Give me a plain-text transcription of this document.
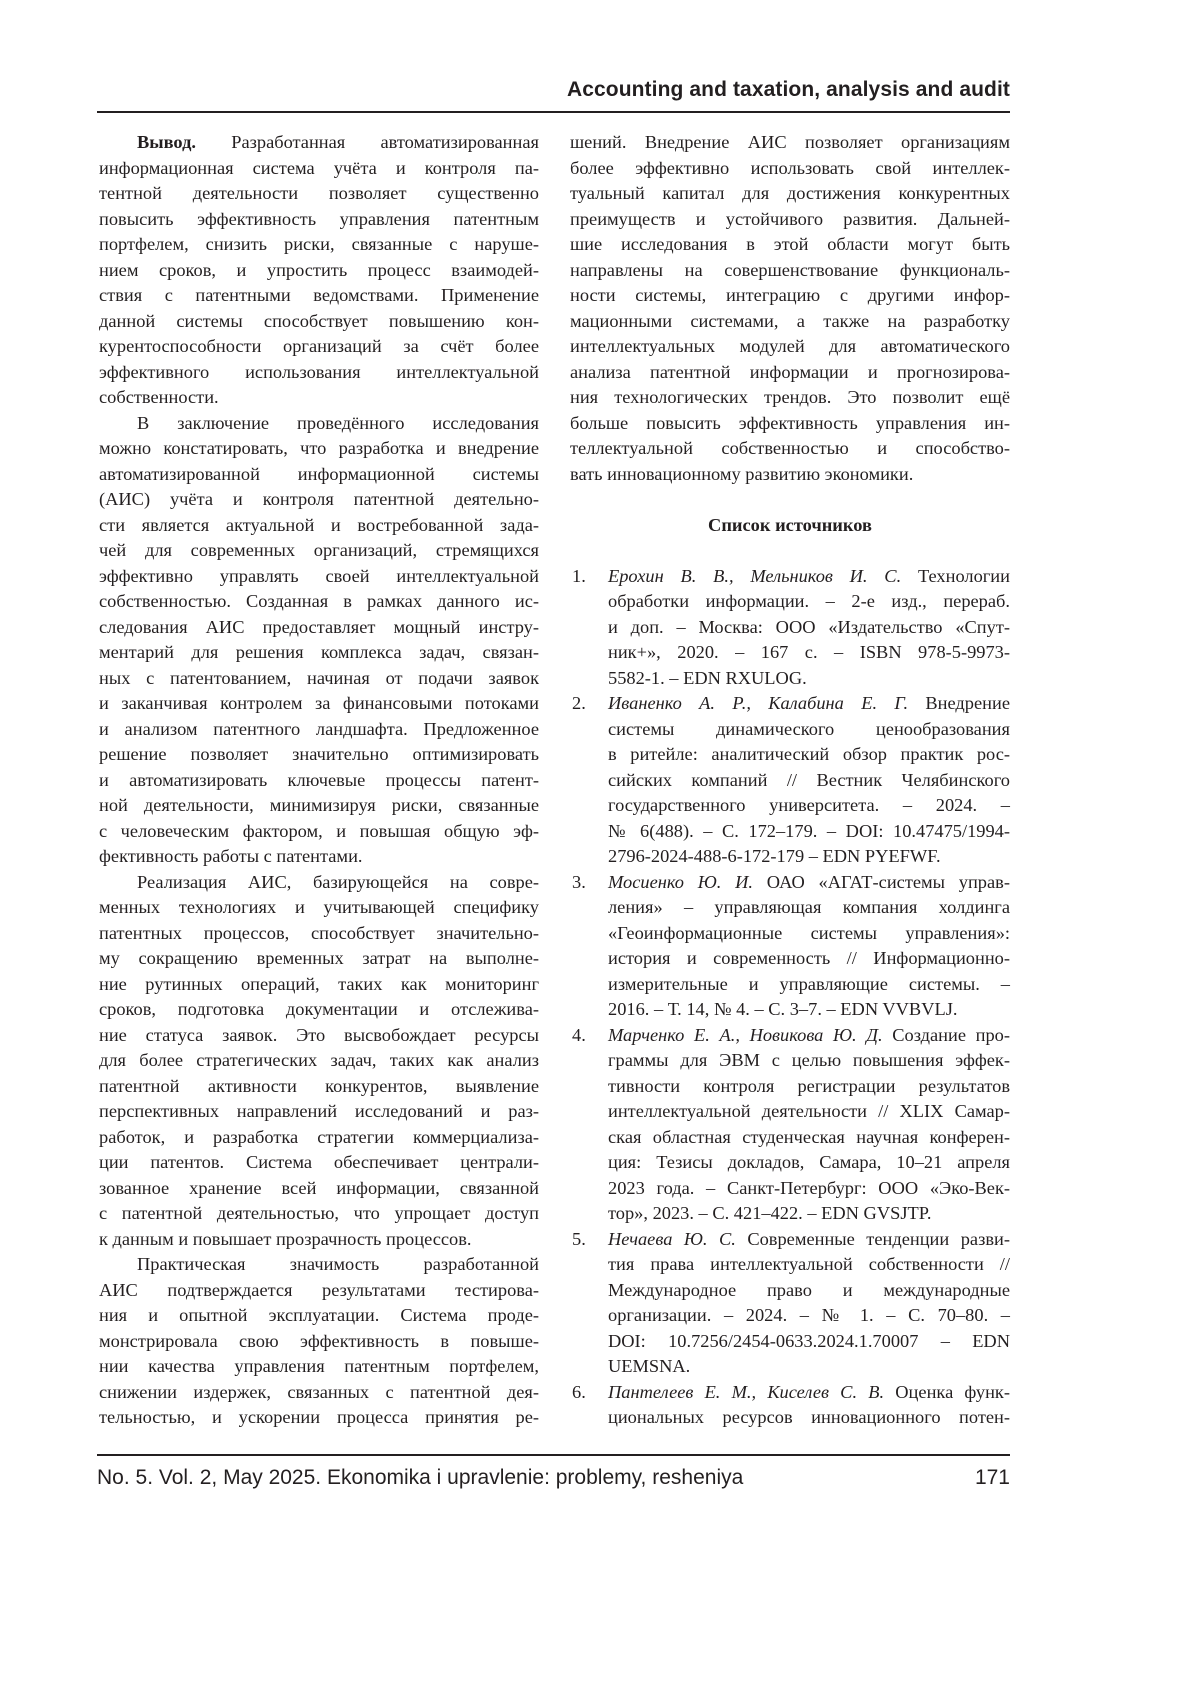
Accounting and taxation, analysis and audit
Вывод. Разработанная автоматизированная
информационная система учёта и контроля па-
тентной деятельности позволяет существенно
повысить эффективность управления патентным
портфелем, снизить риски, связанные с наруше-
нием сроков, и упростить процесс взаимодей-
ствия с патентными ведомствами. Применение
данной системы способствует повышению кон-
курентоспособности организаций за счёт более
эффективного использования интеллектуальной
собственности.
В заключение проведённого исследования
можно констатировать, что разработка и внедрение
автоматизированной информационной системы
(АИС) учёта и контроля патентной деятельно-
сти является актуальной и востребованной зада-
чей для современных организаций, стремящихся
эффективно управлять своей интеллектуальной
собственностью. Созданная в рамках данного ис-
следования АИС предоставляет мощный инстру-
ментарий для решения комплекса задач, связан-
ных с патентованием, начиная от подачи заявок
и заканчивая контролем за финансовыми потоками
и анализом патентного ландшафта. Предложенное
решение позволяет значительно оптимизировать
и автоматизировать ключевые процессы патент-
ной деятельности, минимизируя риски, связанные
с человеческим фактором, и повышая общую эф-
фективность работы с патентами.
Реализация АИС, базирующейся на совре-
менных технологиях и учитывающей специфику
патентных процессов, способствует значительно-
му сокращению временных затрат на выполне-
ние рутинных операций, таких как мониторинг
сроков, подготовка документации и отслежива-
ние статуса заявок. Это высвобождает ресурсы
для более стратегических задач, таких как анализ
патентной активности конкурентов, выявление
перспективных направлений исследований и раз-
работок, и разработка стратегии коммерциализа-
ции патентов. Система обеспечивает централи-
зованное хранение всей информации, связанной
с патентной деятельностью, что упрощает доступ
к данным и повышает прозрачность процессов.
Практическая значимость разработанной
АИС подтверждается результатами тестирова-
ния и опытной эксплуатации. Система проде-
монстрировала свою эффективность в повыше-
нии качества управления патентным портфелем,
снижении издержек, связанных с патентной дея-
тельностью, и ускорении процесса принятия ре-
шений. Внедрение АИС позволяет организациям
более эффективно использовать свой интеллек-
туальный капитал для достижения конкурентных
преимуществ и устойчивого развития. Дальней-
шие исследования в этой области могут быть
направлены на совершенствование функциональ-
ности системы, интеграцию с другими инфор-
мационными системами, а также на разработку
интеллектуальных модулей для автоматического
анализа патентной информации и прогнозирова-
ния технологических трендов. Это позволит ещё
больше повысить эффективность управления ин-
теллектуальной собственностью и способство-
вать инновационному развитию экономики.
Список источников
1. Ерохин В. В., Мельников И. С. Технологии
обработки информации. – 2-е изд., перераб.
и доп. – Москва: ООО «Издательство «Спут-
ник+», 2020. – 167 с. – ISBN 978-5-9973-
5582-1. – EDN RXULOG.
2. Иваненко А. Р., Калабина Е. Г. Внедрение
системы динамического ценообразования
в ритейле: аналитический обзор практик рос-
сийских компаний // Вестник Челябинского
государственного университета. – 2024. –
№ 6(488). – С. 172–179. – DOI: 10.47475/1994-
2796-2024-488-6-172-179 – EDN PYEFWF.
3. Мосиенко Ю. И. ОАО «АГАТ-системы управ-
ления» – управляющая компания холдинга
«Геоинформационные системы управления»:
история и современность // Информационно-
измерительные и управляющие системы. –
2016. – Т. 14, № 4. – С. 3–7. – EDN VVBVLJ.
4. Марченко Е. А., Новикова Ю. Д. Создание про-
граммы для ЭВМ с целью повышения эффек-
тивности контроля регистрации результатов
интеллектуальной деятельности // XLIX Самар-
ская областная студенческая научная конферен-
ция: Тезисы докладов, Самара, 10–21 апреля
2023 года. – Санкт-Петербург: ООО «Эко-Век-
тор», 2023. – С. 421–422. – EDN GVSJTP.
5. Нечаева Ю. С. Современные тенденции разви-
тия права интеллектуальной собственности //
Международное право и международные
организации. – 2024. – № 1. – С. 70–80. –
DOI: 10.7256/2454-0633.2024.1.70007 – EDN
UEMSNA.
6. Пантелеев Е. М., Киселев С. В. Оценка функ-
циональных ресурсов инновационного потен-
No. 5. Vol. 2, May 2025. Ekonomika i upravlenie: problemy, resheniya	171
